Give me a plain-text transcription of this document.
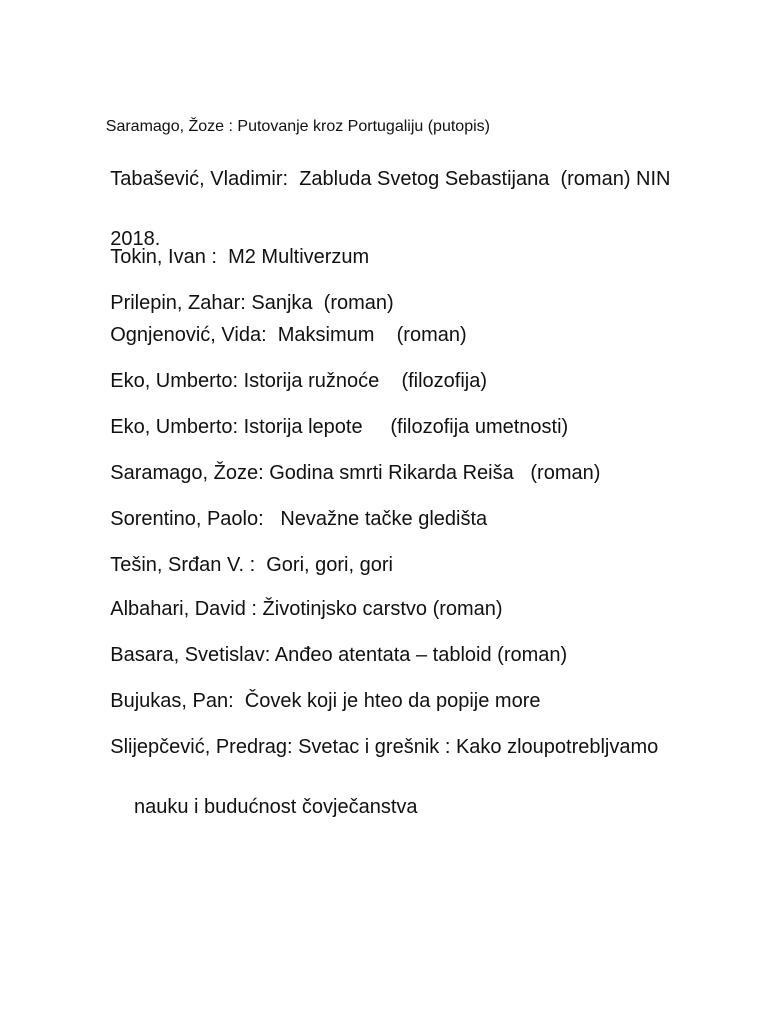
Saramago, Žoze : Putovanje kroz Portugaliju (putopis)

Tabašević, Vladimir:  Zabluda Svetog Sebastijana  (roman) NIN

2018.

Tokin, Ivan :  M2 Multiverzum

Prilepin, Zahar: Sanjka  (roman)

Ognjenović, Vida:  Maksimum    (roman)

Eko, Umberto: Istorija ružnoće    (filozofija)

Eko, Umberto: Istorija lepote     (filozofija umetnosti)

Saramago, Žoze: Godina smrti Rikarda Reiša   (roman)

Sorentino, Paolo:   Nevažne tačke gledišta

Tešin, Srđan V. :  Gori, gori, gori

Albahari, David : Životinjsko carstvo (roman)

Basara, Svetislav: Anđeo atentata – tabloid (roman)

Bujukas, Pan:  Čovek koji je hteo da popije more

Slijepčević, Predrag: Svetac i grešnik : Kako zloupotrebljvamo

nauku i budućnost čovječanstva
